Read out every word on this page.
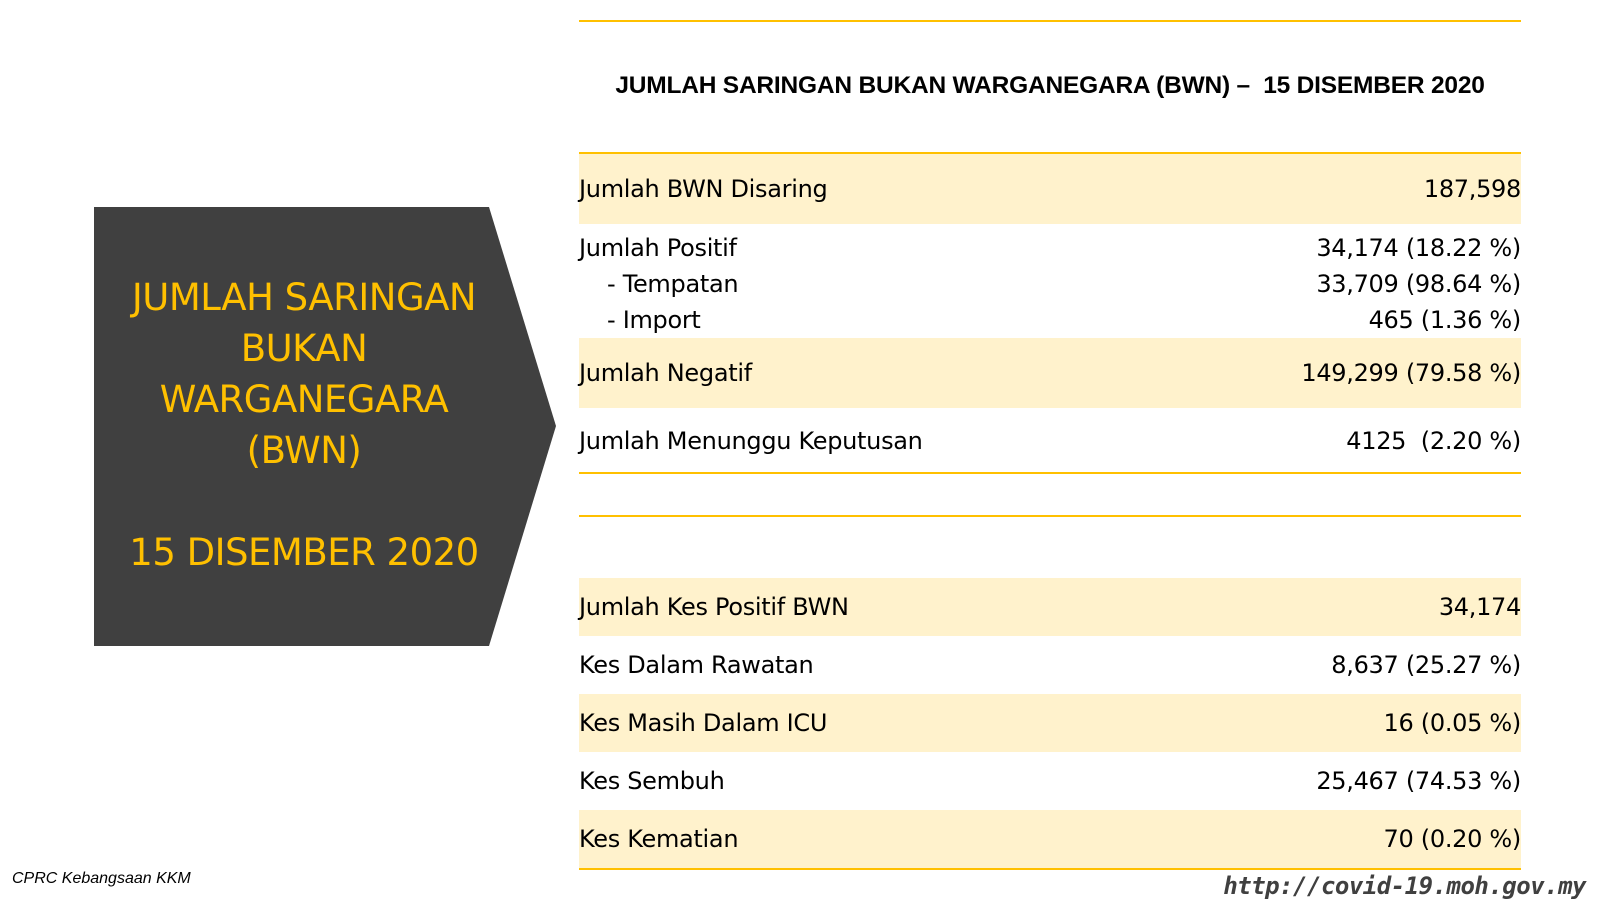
JUMLAH SARINGAN
BUKAN
WARGANEGARA
(BWN)
15 DISEMBER 2020
JUMLAH SARINGAN BUKAN WARGANEGARA (BWN) –  15 DISEMBER 2020
Jumlah BWN Disaring	187,598
Jumlah Positif	34,174 (18.22 %)
- Tempatan	33,709 (98.64 %)
- Import	465 (1.36 %)
Jumlah Negatif	149,299 (79.58 %)
Jumlah Menunggu Keputusan	4125  (2.20 %)
Jumlah Kes Positif BWN	34,174
Kes Dalam Rawatan	8,637 (25.27 %)
Kes Masih Dalam ICU	16 (0.05 %)
Kes Sembuh	25,467 (74.53 %)
Kes Kematian	70 (0.20 %)
CPRC Kebangsaan KKM	http://covid-19.moh.gov.my
